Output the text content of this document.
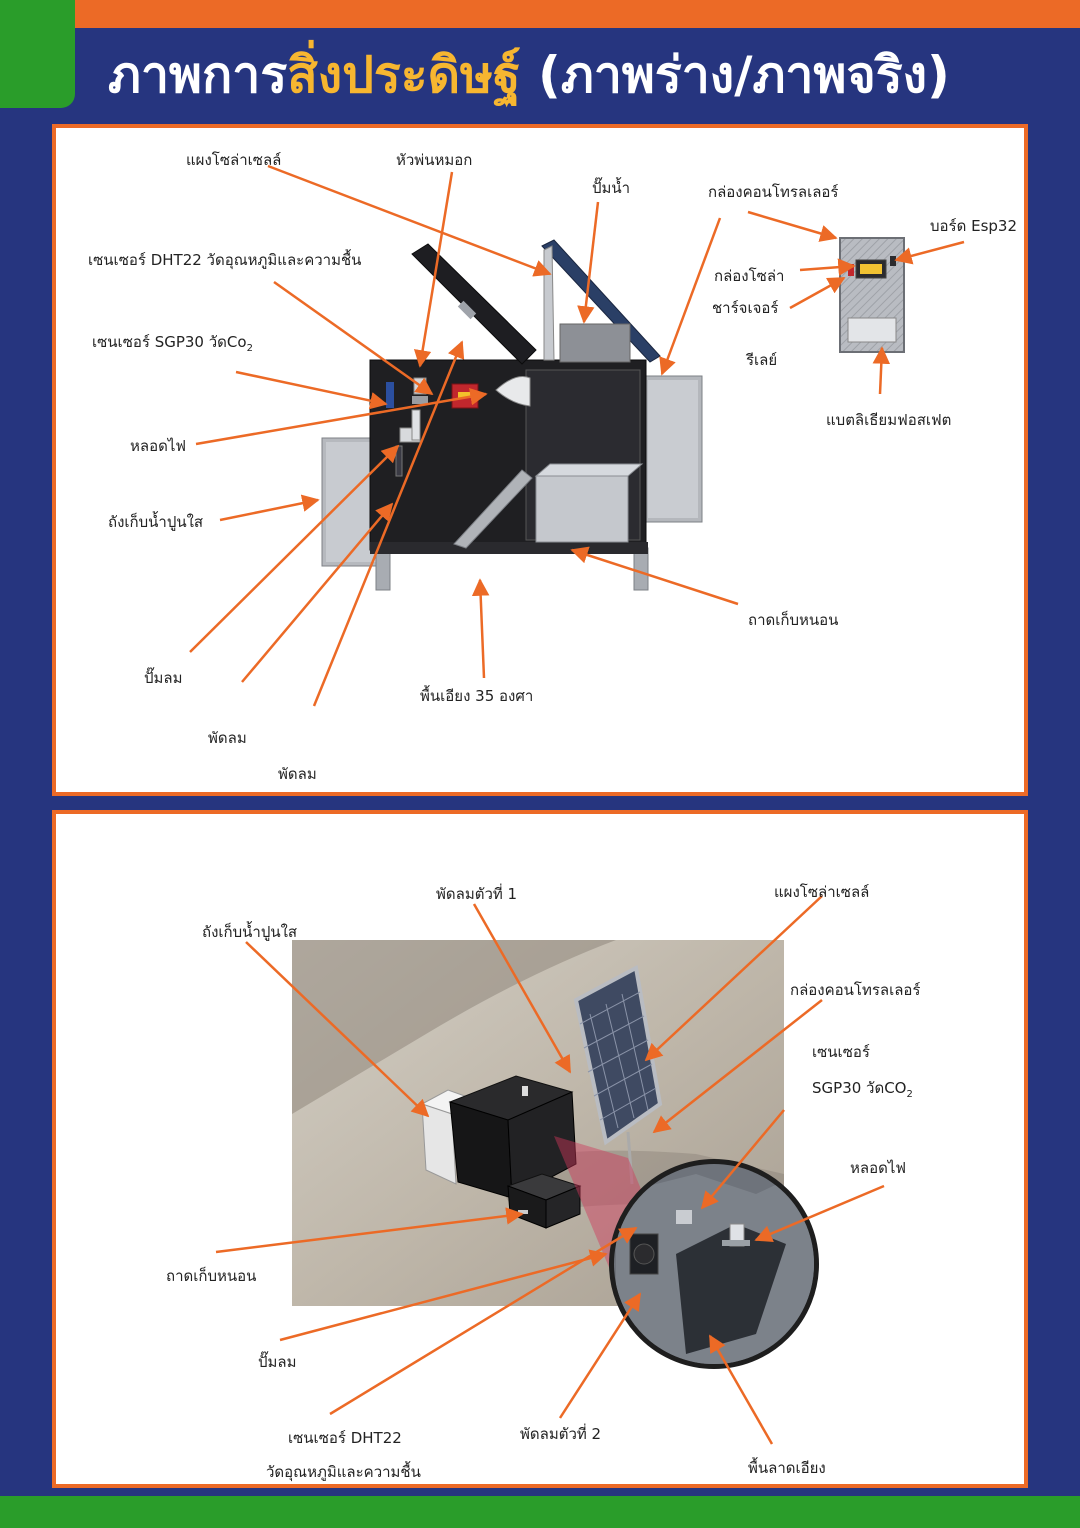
ภาพการสิ่งประดิษฐ์ (ภาพร่าง/ภาพจริง)
แผงโซล่าเซลล์	หัวพ่นหมอก
ปั๊มน้ำ	กล่องคอนโทรลเลอร์
บอร์ด Esp32
เซนเซอร์ DHT22 วัดอุณหภูมิและความชื้น
กล่องโซล่า
ชาร์จเจอร์
เซนเซอร์ SGP30 วัด$Co_2$
รีเลย์
หลอดไฟ
แบตลิเธียมฟอสเฟต
ถังเก็บน้ำปูนใส
ถาดเก็บหนอน
ปั๊มลม
พื้นเอียง 35 องศา
พัดลม
พัดลม
พัดลมตัวที่ 1	แผงโซล่าเซลล์
ถังเก็บน้ำปูนใส
กล่องคอนโทรลเลอร์
เซนเซอร์
SGP30 วัด$CO_2$
หลอดไฟ
ถาดเก็บหนอน
ปั๊มลม
เซนเซอร์ DHT22
วัดอุณหภูมิและความชื้น
พัดลมตัวที่ 2
พื้นลาดเอียง
